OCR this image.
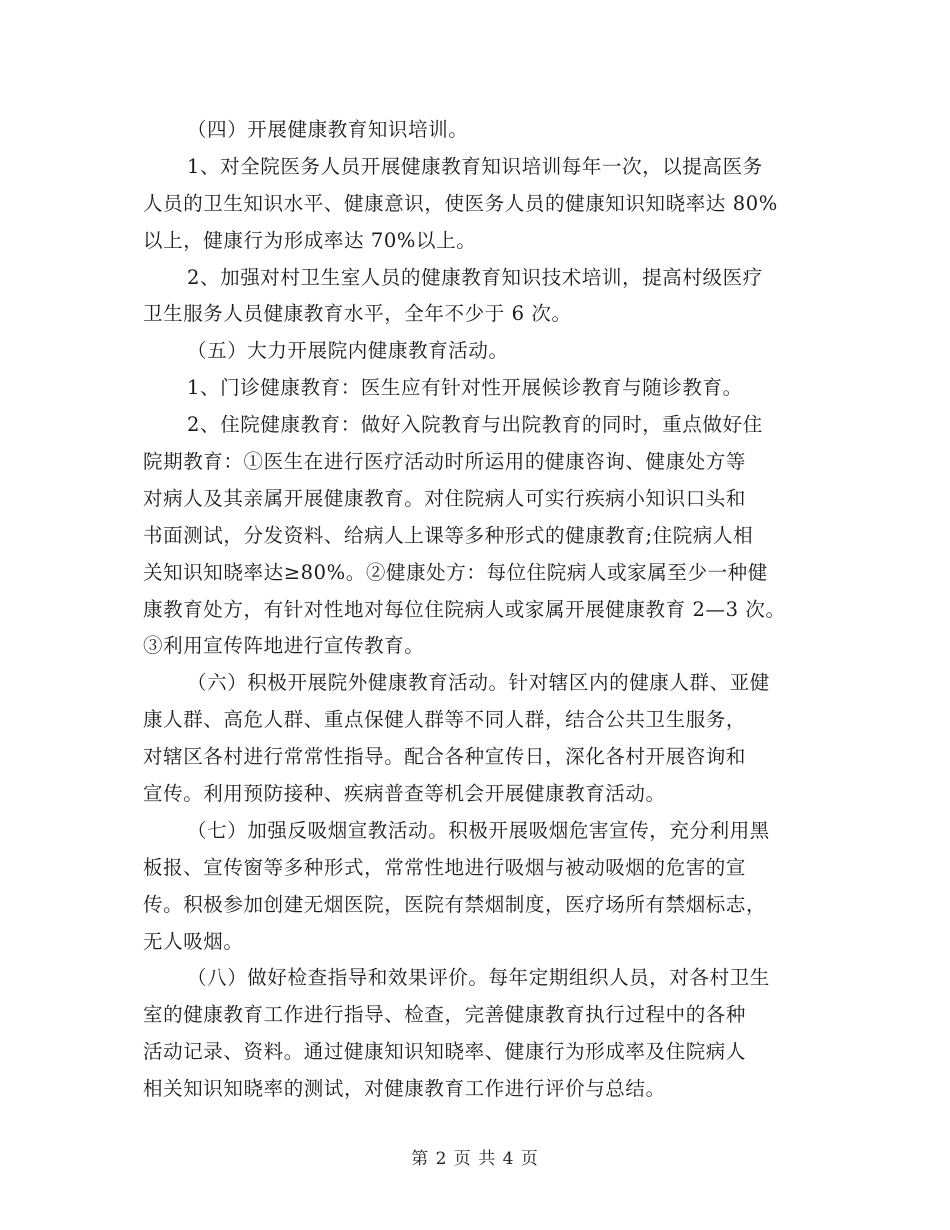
（四）开展健康教育知识培训。
1、对全院医务人员开展健康教育知识培训每年一次，以提高医务
人员的卫生知识水平、健康意识，使医务人员的健康知识知晓率达 80%
以上，健康行为形成率达 70%以上。
2、加强对村卫生室人员的健康教育知识技术培训，提高村级医疗
卫生服务人员健康教育水平，全年不少于 6 次。
（五）大力开展院内健康教育活动。
1、门诊健康教育：医生应有针对性开展候诊教育与随诊教育。
2、住院健康教育：做好入院教育与出院教育的同时，重点做好住
院期教育：①医生在进行医疗活动时所运用的健康咨询、健康处方等
对病人及其亲属开展健康教育。对住院病人可实行疾病小知识口头和
书面测试，分发资料、给病人上课等多种形式的健康教育;住院病人相
关知识知晓率达≥80%。②健康处方：每位住院病人或家属至少一种健
康教育处方，有针对性地对每位住院病人或家属开展健康教育 2—3 次。
③利用宣传阵地进行宣传教育。
（六）积极开展院外健康教育活动。针对辖区内的健康人群、亚健
康人群、高危人群、重点保健人群等不同人群，结合公共卫生服务，
对辖区各村进行常常性指导。配合各种宣传日，深化各村开展咨询和
宣传。利用预防接种、疾病普查等机会开展健康教育活动。
（七）加强反吸烟宣教活动。积极开展吸烟危害宣传，充分利用黑
板报、宣传窗等多种形式，常常性地进行吸烟与被动吸烟的危害的宣
传。积极参加创建无烟医院，医院有禁烟制度，医疗场所有禁烟标志，
无人吸烟。
（八）做好检查指导和效果评价。每年定期组织人员，对各村卫生
室的健康教育工作进行指导、检查，完善健康教育执行过程中的各种
活动记录、资料。通过健康知识知晓率、健康行为形成率及住院病人
相关知识知晓率的测试，对健康教育工作进行评价与总结。
第 2 页 共 4 页
